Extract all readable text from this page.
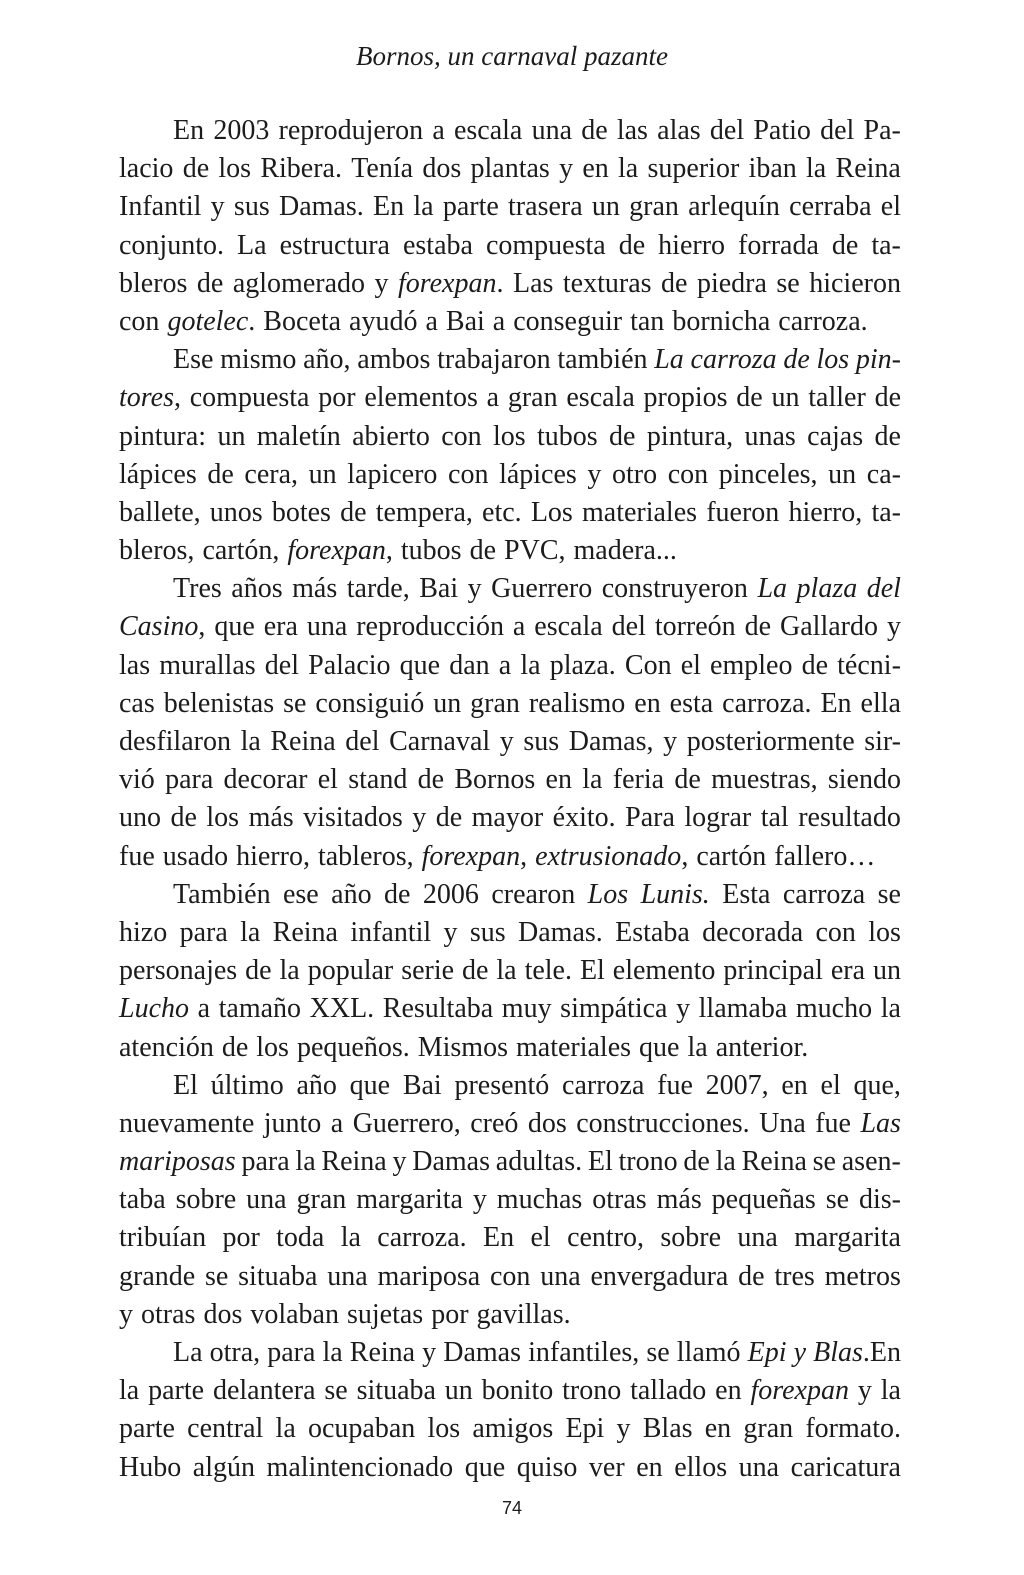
Bornos, un carnaval pazante
En 2003 reprodujeron a escala una de las alas del Patio del Pa-
lacio de los Ribera. Tenía dos plantas y en la superior iban la Reina
Infantil y sus Damas. En la parte trasera un gran arlequín cerraba el
conjunto. La estructura estaba compuesta de hierro forrada de ta-
bleros de aglomerado y forexpan. Las texturas de piedra se hicieron
con gotelec. Boceta ayudó a Bai a conseguir tan bornicha carroza.
Ese mismo año, ambos trabajaron también La carroza de los pin-
tores, compuesta por elementos a gran escala propios de un taller de
pintura: un maletín abierto con los tubos de pintura, unas cajas de
lápices de cera, un lapicero con lápices y otro con pinceles, un ca-
ballete, unos botes de tempera, etc. Los materiales fueron hierro, ta-
bleros, cartón, forexpan, tubos de PVC, madera...
Tres años más tarde, Bai y Guerrero construyeron La plaza del
Casino, que era una reproducción a escala del torreón de Gallardo y
las murallas del Palacio que dan a la plaza. Con el empleo de técni-
cas belenistas se consiguió un gran realismo en esta carroza. En ella
desfilaron la Reina del Carnaval y sus Damas, y posteriormente sir-
vió para decorar el stand de Bornos en la feria de muestras, siendo
uno de los más visitados y de mayor éxito. Para lograr tal resultado
fue usado hierro, tableros, forexpan, extrusionado, cartón fallero…
También ese año de 2006 crearon Los Lunis. Esta carroza se
hizo para la Reina infantil y sus Damas. Estaba decorada con los
personajes de la popular serie de la tele. El elemento principal era un
Lucho a tamaño XXL. Resultaba muy simpática y llamaba mucho la
atención de los pequeños. Mismos materiales que la anterior.
El último año que Bai presentó carroza fue 2007, en el que,
nuevamente junto a Guerrero, creó dos construcciones. Una fue Las
mariposas para la Reina y Damas adultas. El trono de la Reina se asen-
taba sobre una gran margarita y muchas otras más pequeñas se dis-
tribuían por toda la carroza. En el centro, sobre una margarita
grande se situaba una mariposa con una envergadura de tres metros
y otras dos volaban sujetas por gavillas.
La otra, para la Reina y Damas infantiles, se llamó Epi y Blas.En
la parte delantera se situaba un bonito trono tallado en forexpan y la
parte central la ocupaban los amigos Epi y Blas en gran formato.
Hubo algún malintencionado que quiso ver en ellos una caricatura
74
